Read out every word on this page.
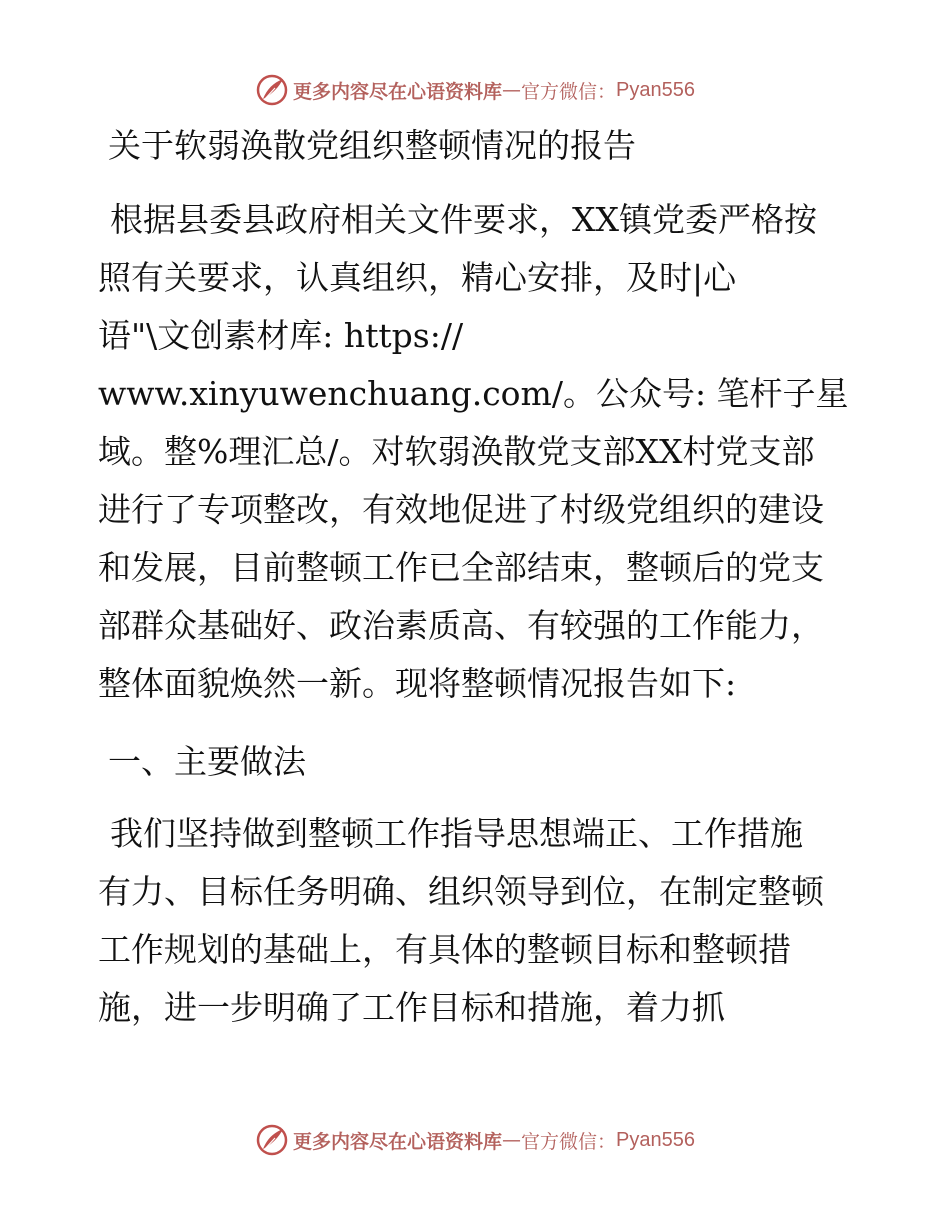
更多内容尽在心语资料库 — 官方微信： Pyan556
关于软弱涣散党组织整顿情况的报告

根据县委县政府相关文件要求，XX镇党委严格按

照有关要求，认真组织，精心安排，及时|心

语"\文创素材库: https://

www.xinyuwenchuang.com/。公众号: 笔杆子星

域。整%理汇总/。对软弱涣散党支部XX村党支部

进行了专项整改，有效地促进了村级党组织的建设

和发展，目前整顿工作已全部结束，整顿后的党支

部群众基础好、政治素质高、有较强的工作能力，

整体面貌焕然一新。现将整顿情况报告如下:

一、主要做法

我们坚持做到整顿工作指导思想端正、工作措施

有力、目标任务明确、组织领导到位，在制定整顿

工作规划的基础上，有具体的整顿目标和整顿措

施，进一步明确了工作目标和措施，着力抓

更多内容尽在心语资料库 — 官方微信： Pyan556
